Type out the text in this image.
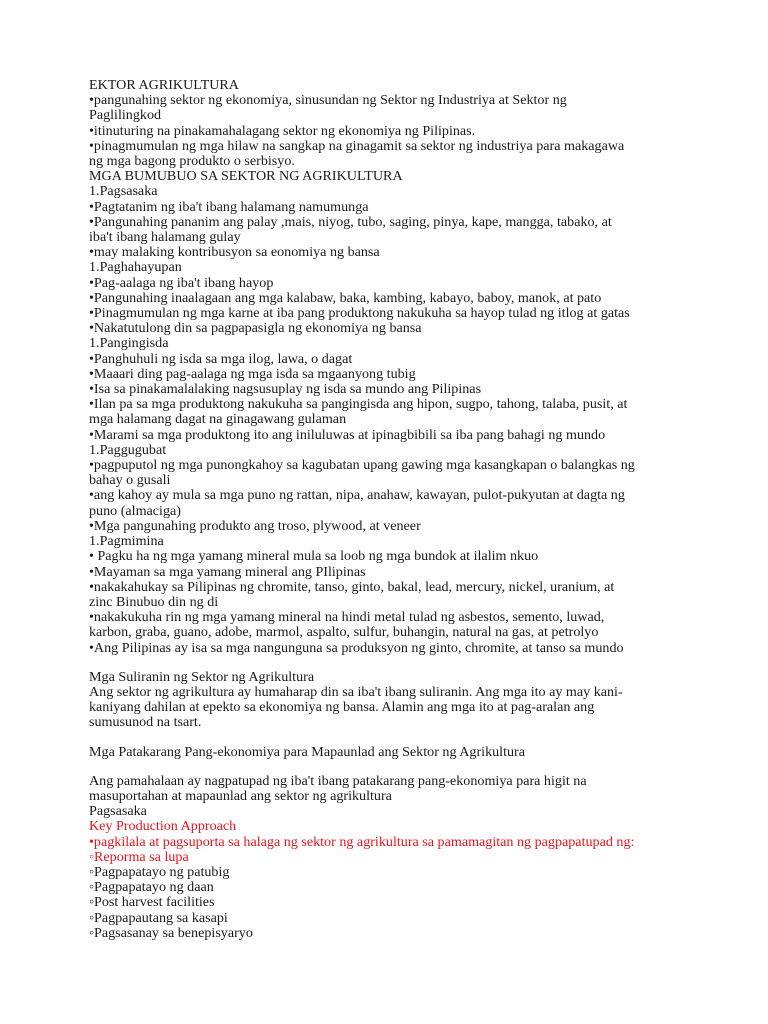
EKTOR AGRIKULTURA
•pangunahing sektor ng ekonomiya, sinusundan ng Sektor ng Industriya at Sektor ng
Paglilingkod
•itinuturing na pinakamahalagang sektor ng ekonomiya ng Pilipinas.
•pinagmumulan ng mga hilaw na sangkap na ginagamit sa sektor ng industriya para makagawa
ng mga bagong produkto o serbisyo.
MGA BUMUBUO SA SEKTOR NG AGRIKULTURA
1.Pagsasaka
•Pagtatanim ng iba't ibang halamang namumunga
•Pangunahing pananim ang palay ,mais, niyog, tubo, saging, pinya, kape, mangga, tabako, at
iba't ibang halamang gulay
•may malaking kontribusyon sa eonomiya ng bansa
1.Paghahayupan
•Pag-aalaga ng iba't ibang hayop
•Pangunahing inaalagaan ang mga kalabaw, baka, kambing, kabayo, baboy, manok, at pato
•Pinagmumulan ng mga karne at iba pang produktong nakukuha sa hayop tulad ng itlog at gatas
•Nakatutulong din sa pagpapasigla ng ekonomiya ng bansa
1.Pangingisda
•Panghuhuli ng isda sa mga ilog, lawa, o dagat
•Maaari ding pag-aalaga ng mga isda sa mgaanyong tubig
•Isa sa pinakamalalaking nagsusuplay ng isda sa mundo ang Pilipinas
•Ilan pa sa mga produktong nakukuha sa pangingisda ang hipon, sugpo, tahong, talaba, pusit, at
mga halamang dagat na ginagawang gulaman
•Marami sa mga produktong ito ang iniluluwas at ipinagbibili sa iba pang bahagi ng mundo
1.Paggugubat
•pagpuputol ng mga punongkahoy sa kagubatan upang gawing mga kasangkapan o balangkas ng
bahay o gusali
•ang kahoy ay mula sa mga puno ng rattan, nipa, anahaw, kawayan, pulot-pukyutan at dagta ng
puno (almaciga)
•Mga pangunahing produkto ang troso, plywood, at veneer
1.Pagmimina
• Pagku ha ng mga yamang mineral mula sa loob ng mga bundok at ilalim nkuo
•Mayaman sa mga yamang mineral ang PIlipinas
•nakakahukay sa Pilipinas ng chromite, tanso, ginto, bakal, lead, mercury, nickel, uranium, at
zinc Binubuo din ng di
•nakakukuha rin ng mga yamang mineral na hindi metal tulad ng asbestos, semento, luwad,
karbon, graba, guano, adobe, marmol, aspalto, sulfur, buhangin, natural na gas, at petrolyo
•Ang Pilipinas ay isa sa mga nangunguna sa produksyon ng ginto, chromite, at tanso sa mundo
Mga Suliranin ng Sektor ng Agrikultura
Ang sektor ng agrikultura ay humaharap din sa iba't ibang suliranin. Ang mga ito ay may kani-
kaniyang dahilan at epekto sa ekonomiya ng bansa. Alamin ang mga ito at pag-aralan ang
sumusunod na tsart.
Mga Patakarang Pang-ekonomiya para Mapaunlad ang Sektor ng Agrikultura
Ang pamahalaan ay nagpatupad ng iba't ibang patakarang pang-ekonomiya para higit na
masuportahan at mapaunlad ang sektor ng agrikultura
Pagsasaka
Key Production Approach
•pagkilala at pagsuporta sa halaga ng sektor ng agrikultura sa pamamagitan ng pagpapatupad ng:
◦Reporma sa lupa
◦Pagpapatayo ng patubig
◦Pagpapatayo ng daan
◦Post harvest facilities
◦Pagpapautang sa kasapi
◦Pagsasanay sa benepisyaryo
